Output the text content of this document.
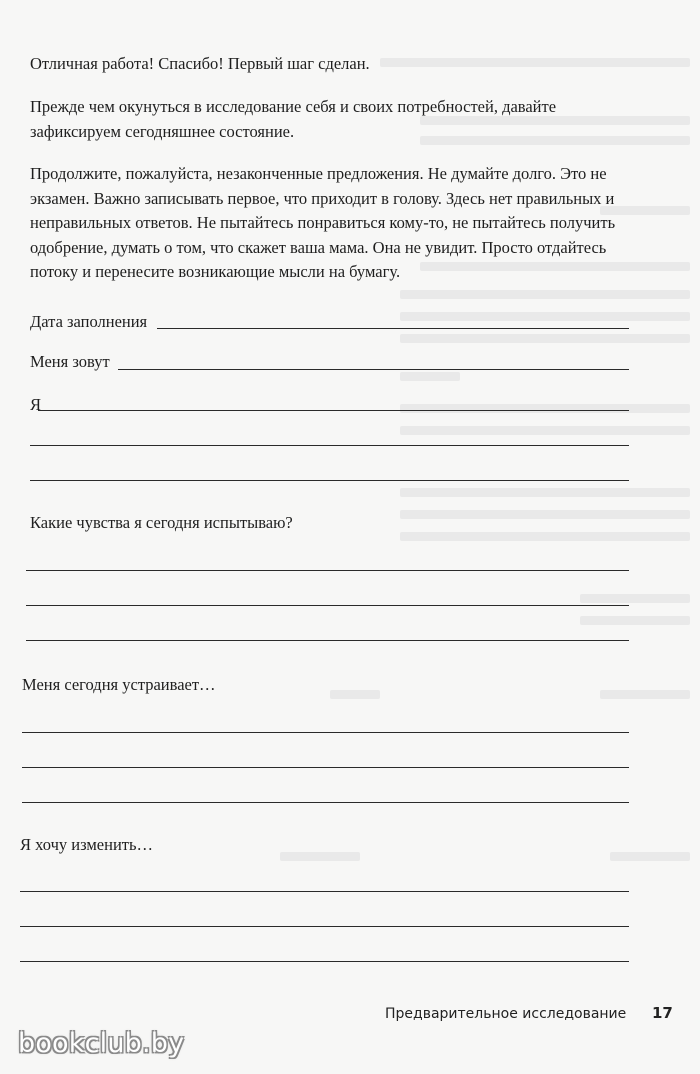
Отличная работа! Спасибо! Первый шаг сделан.

Прежде чем окунуться в исследование себя и своих потребностей, давайте зафиксируем сегодняшнее состояние.

Продолжите, пожалуйста, незаконченные предложения. Не думайте долго. Это не экзамен. Важно записывать первое, что приходит в голову. Здесь нет правильных и неправильных ответов. Не пытайтесь понравиться кому-то, не пытайтесь получить одобрение, думать о том, что скажет ваша мама. Она не увидит. Просто отдайтесь потоку и перенесите возникающие мысли на бумагу.

Дата заполнения
Меня зовут
Я
Какие чувства я сегодня испытываю?
Меня сегодня устраивает…
Я хочу изменить…
Предварительное исследование 17
bookclub.by
